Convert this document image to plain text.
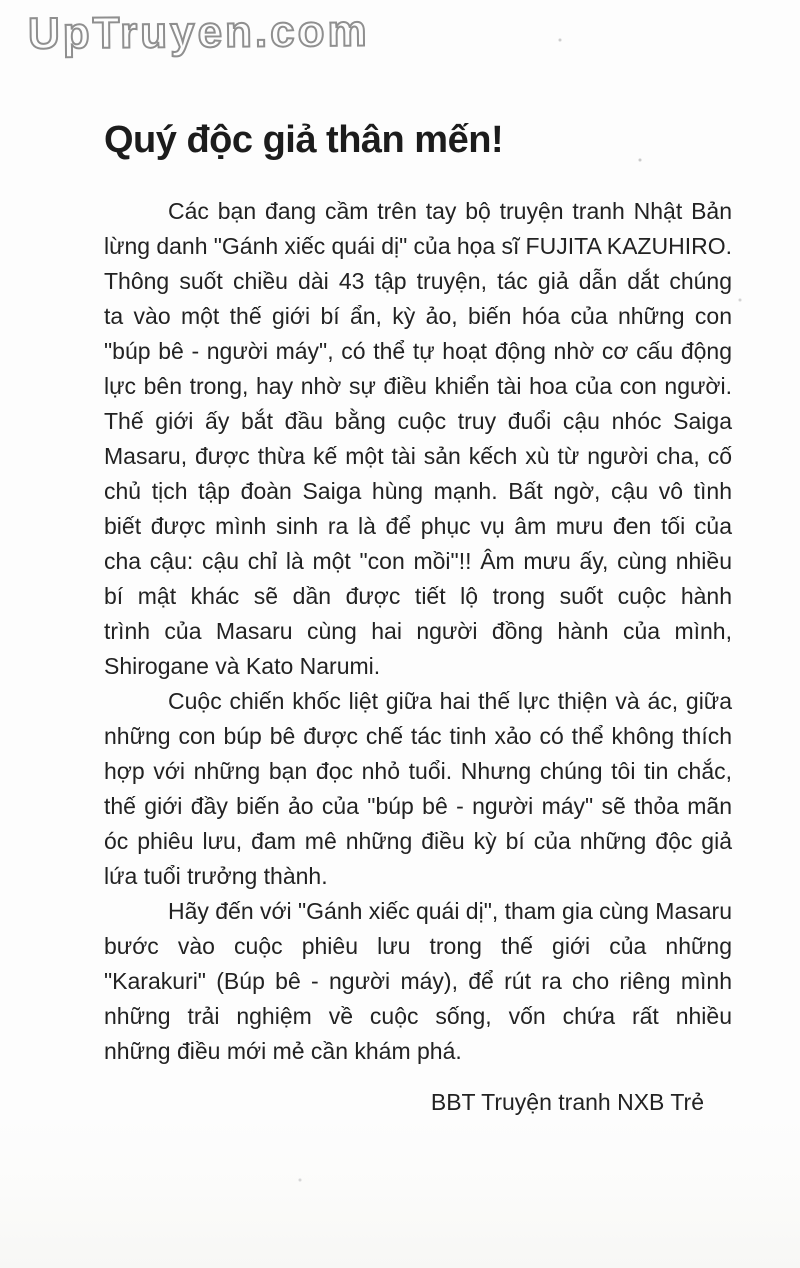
UpTruyen.com
Quý độc giả thân mến!
Các bạn đang cầm trên tay bộ truyện tranh Nhật Bản
lừng danh "Gánh xiếc quái dị" của họa sĩ FUJITA KAZUHIRO.
Thông suốt chiều dài 43 tập truyện, tác giả dẫn dắt chúng
ta vào một thế giới bí ẩn, kỳ ảo, biến hóa của những con
"búp bê - người máy", có thể tự hoạt động nhờ cơ cấu động
lực bên trong, hay nhờ sự điều khiển tài hoa của con người.
Thế giới ấy bắt đầu bằng cuộc truy đuổi cậu nhóc Saiga
Masaru, được thừa kế một tài sản kếch xù từ người cha, cố
chủ tịch tập đoàn Saiga hùng mạnh. Bất ngờ, cậu vô tình
biết được mình sinh ra là để phục vụ âm mưu đen tối của
cha cậu: cậu chỉ là một "con mồi"!! Âm mưu ấy, cùng nhiều
bí mật khác sẽ dần được tiết lộ trong suốt cuộc hành
trình của Masaru cùng hai người đồng hành của mình,
Shirogane và Kato Narumi.
Cuộc chiến khốc liệt giữa hai thế lực thiện và ác, giữa
những con búp bê được chế tác tinh xảo có thể không thích
hợp với những bạn đọc nhỏ tuổi. Nhưng chúng tôi tin chắc,
thế giới đầy biến ảo của "búp bê - người máy" sẽ thỏa mãn
óc phiêu lưu, đam mê những điều kỳ bí của những độc giả
lứa tuổi trưởng thành.
Hãy đến với "Gánh xiếc quái dị", tham gia cùng Masaru
bước vào cuộc phiêu lưu trong thế giới của những
"Karakuri" (Búp bê - người máy), để rút ra cho riêng mình
những trải nghiệm về cuộc sống, vốn chứa rất nhiều
những điều mới mẻ cần khám phá.
BBT Truyện tranh NXB Trẻ
